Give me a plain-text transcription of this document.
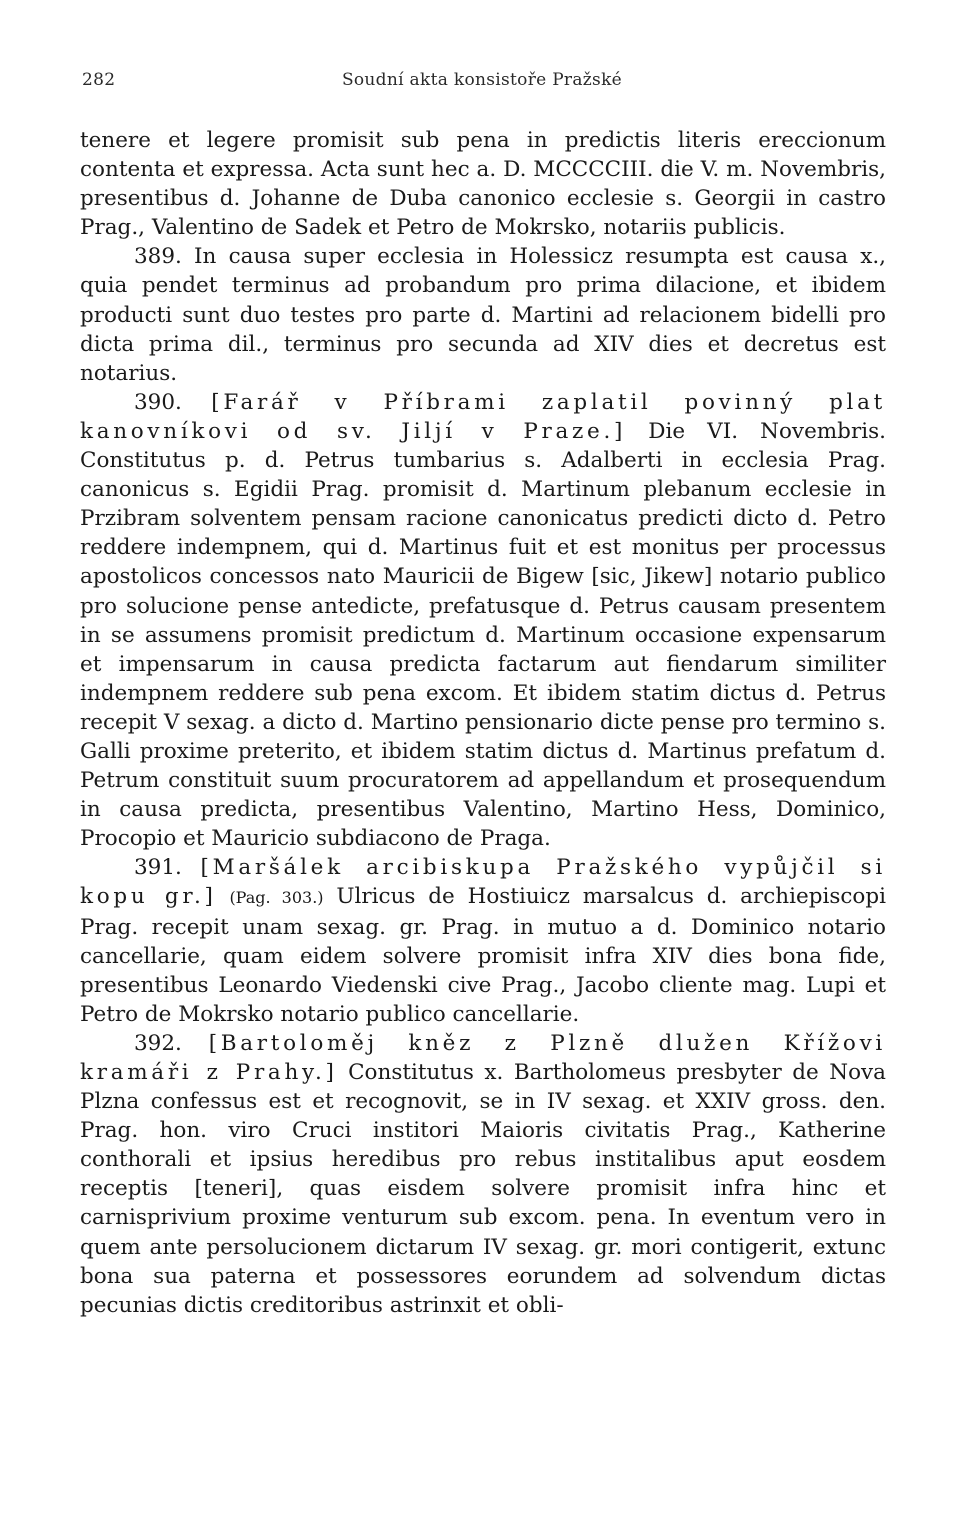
282	Soudní akta konsistoře Pražské

tenere et legere promisit sub pena in predictis literis ereccionum contenta et expressa. Acta sunt hec a. D. MCCCCIII. die V. m. Novembris, presentibus d. Johanne de Duba canonico ecclesie s. Georgii in castro Prag., Valentino de Sadek et Petro de Mokrsko, notariis publicis.

389. In causa super ecclesia in Holessicz resumpta est causa x., quia pendet terminus ad probandum pro prima dilacione, et ibidem producti sunt duo testes pro parte d. Martini ad relacionem bidelli pro dicta prima dil., terminus pro secunda ad XIV dies et decretus est notarius.

390. [Farář v Příbrami zaplatil povinný plat kanovníkovi od sv. Jiljí v Praze.] Die VI. Novembris. Constitutus p. d. Petrus tumbarius s. Adalberti in ecclesia Prag. canonicus s. Egidii Prag. promisit d. Martinum plebanum ecclesie in Przibram solventem pensam racione canonicatus predicti dicto d. Petro reddere indempnem, qui d. Martinus fuit et est monitus per processus apostolicos concessos nato Mauricii de Bigew [sic, Jikew] notario publico pro solucione pense antedicte, prefatusque d. Petrus causam presentem in se assumens promisit predictum d. Martinum occasione expensarum et impensarum in causa predicta factarum aut fiendarum similiter indempnem reddere sub pena excom. Et ibidem statim dictus d. Petrus recepit V sexag. a dicto d. Martino pensionario dicte pense pro termino s. Galli proxime preterito, et ibidem statim dictus d. Martinus prefatum d. Petrum constituit suum procuratorem ad appellandum et prosequendum in causa predicta, presentibus Valentino, Martino Hess, Dominico, Procopio et Mauricio subdiacono de Praga.

391. [Maršálek arcibiskupa Pražského vypůjčil si kopu gr.] (Pag. 303.) Ulricus de Hostiuicz marsalcus d. archiepiscopi Prag. recepit unam sexag. gr. Prag. in mutuo a d. Dominico notario cancellarie, quam eidem solvere promisit infra XIV dies bona fide, presentibus Leonardo Viedenski cive Prag., Jacobo cliente mag. Lupi et Petro de Mokrsko notario publico cancellarie.

392. [Bartoloměj kněz z Plzně dlužen Křížovi kramáři z Prahy.] Constitutus x. Bartholomeus presbyter de Nova Plzna confessus est et recognovit, se in IV sexag. et XXIV gross. den. Prag. hon. viro Cruci institori Maioris civitatis Prag., Katherine conthorali et ipsius heredibus pro rebus institalibus aput eosdem receptis [teneri], quas eisdem solvere promisit infra hinc et carnisprivium proxime venturum sub excom. pena. In eventum vero in quem ante persolucionem dictarum IV sexag. gr. mori contigerit, extunc bona sua paterna et possessores eorundem ad solvendum dictas pecunias dictis creditoribus astrinxit et obli-
